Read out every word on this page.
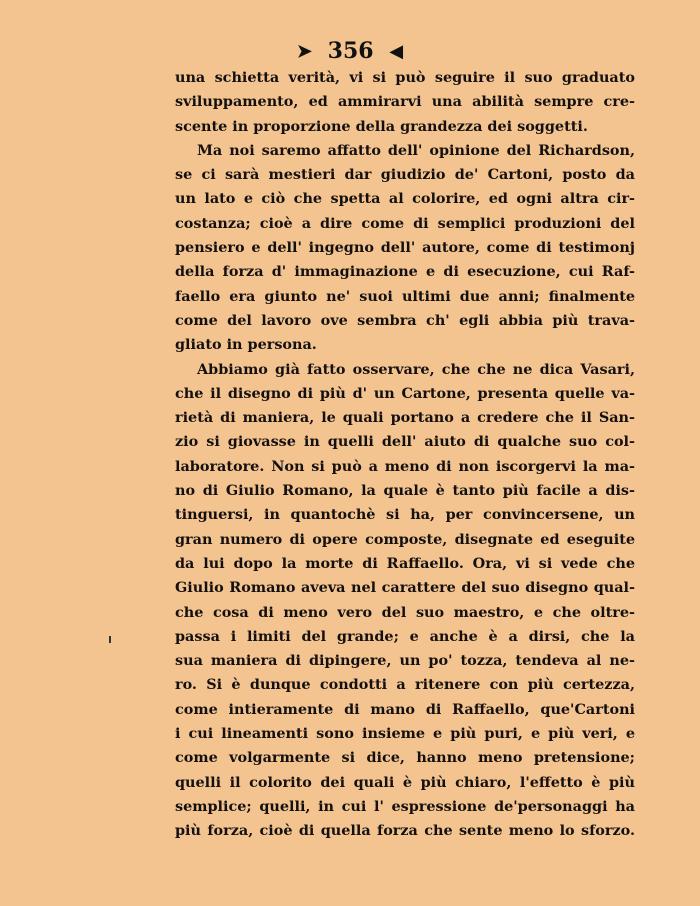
➤ 356 ◀
una schietta verità, vi si può seguire il suo graduato
sviluppamento, ed ammirarvi una abilità sempre cre-
scente in proporzione della grandezza dei soggetti.
Ma noi saremo affatto dell' opinione del Richardson,
se ci sarà mestieri dar giudizio de' Cartoni, posto da
un lato e ciò che spetta al colorire, ed ogni altra cir-
costanza; cioè a dire come di semplici produzioni del
pensiero e dell' ingegno dell' autore, come di testimonj
della forza d' immaginazione e di esecuzione, cui Raf-
faello era giunto ne' suoi ultimi due anni; finalmente
come del lavoro ove sembra ch' egli abbia più trava-
gliato in persona.
Abbiamo già fatto osservare, che che ne dica Vasari,
che il disegno di più d' un Cartone, presenta quelle va-
rietà di maniera, le quali portano a credere che il San-
zio si giovasse in quelli dell' aiuto di qualche suo col-
laboratore. Non si può a meno di non iscorgervi la ma-
no di Giulio Romano, la quale è tanto più facile a dis-
tinguersi, in quantochè si ha, per convincersene, un
gran numero di opere composte, disegnate ed eseguite
da lui dopo la morte di Raffaello. Ora, vi si vede che
Giulio Romano aveva nel carattere del suo disegno qual-
che cosa di meno vero del suo maestro, e che oltre-
passa i limiti del grande; e anche è a dirsi, che la
sua maniera di dipingere, un po' tozza, tendeva al ne-
ro. Si è dunque condotti a ritenere con più certezza,
come intieramente di mano di Raffaello, que'Cartoni
i cui lineamenti sono insieme e più puri, e più veri, e
come volgarmente si dice, hanno meno pretensione;
quelli il colorito dei quali è più chiaro, l'effetto è più
semplice; quelli, in cui l' espressione de'personaggi ha
più forza, cioè di quella forza che sente meno lo sforzo.
